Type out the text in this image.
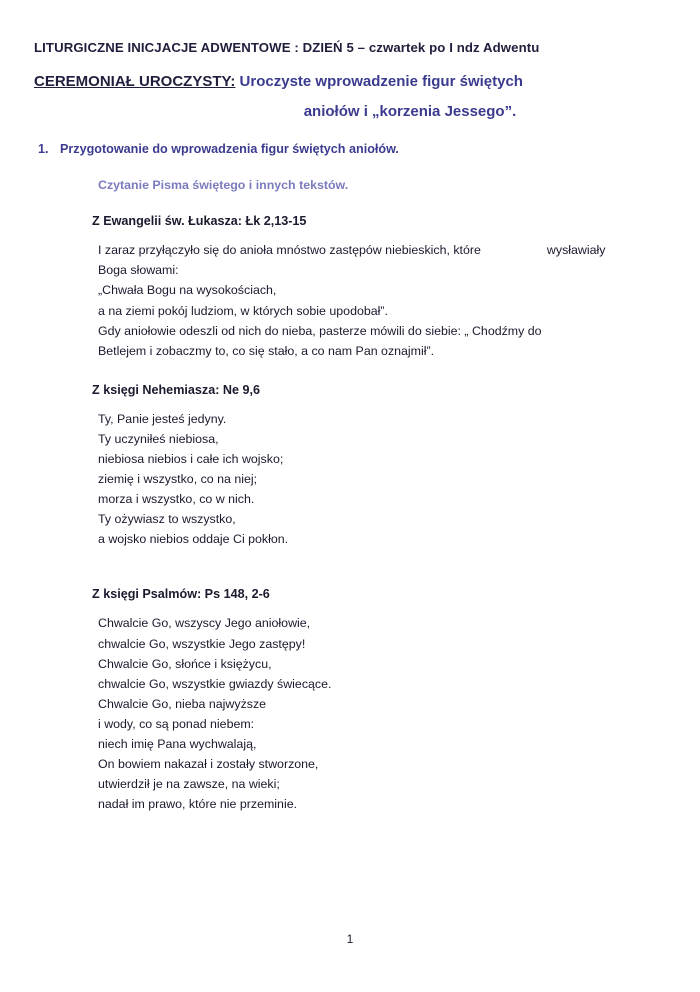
LITURGICZNE INICJACJE ADWENTOWE : DZIEŃ 5 – czwartek po I ndz Adwentu
CEREMONIAŁ UROCZYSTY: Uroczyste wprowadzenie figur świętych
aniołów i „korzenia Jessego”.
1. Przygotowanie do wprowadzenia figur świętych aniołów.
Czytanie Pisma świętego i innych tekstów.
Z Ewangelii św. Łukasza: Łk 2,13-15
I zaraz przyłączyło się do anioła mnóstwo zastępów niebieskich, które	wysławiały
Boga słowami:
„Chwała Bogu na wysokościach,
a na ziemi pokój ludziom, w których sobie upodobał”.
Gdy aniołowie odeszli od nich do nieba, pasterze mówili do siebie: „ Chodźmy do
Betlejem i zobaczmy to, co się stało, a co nam Pan oznajmił”.
Z księgi Nehemiasza: Ne 9,6
Ty, Panie jesteś jedyny.
Ty uczyniłeś niebiosa,
niebiosa niebios i całe ich wojsko;
ziemię i wszystko, co na niej;
morza i wszystko, co w nich.
Ty ożywiasz to wszystko,
a wojsko niebios oddaje Ci pokłon.
Z księgi Psalmów: Ps 148, 2-6
Chwalcie Go, wszyscy Jego aniołowie,
chwalcie Go, wszystkie Jego zastępy!
Chwalcie Go, słońce i księżycu,
chwalcie Go, wszystkie gwiazdy świecące.
Chwalcie Go, nieba najwyższe
i wody, co są ponad niebem:
niech imię Pana wychwalają,
On bowiem nakazał i zostały stworzone,
utwierdził je na zawsze, na wieki;
nadał im prawo, które nie przeminie.
1
